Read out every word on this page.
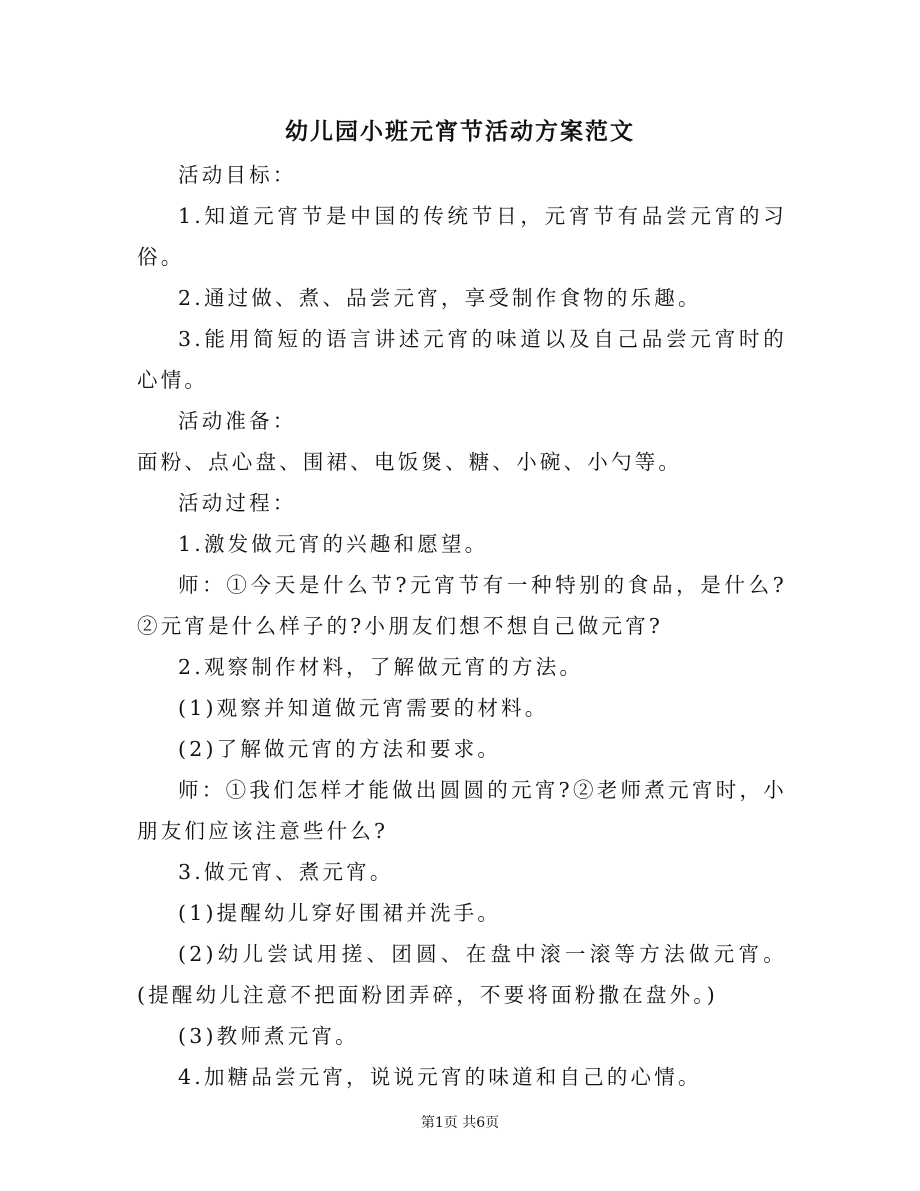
幼儿园小班元宵节活动方案范文

活动目标：

1.知道元宵节是中国的传统节日，元宵节有品尝元宵的习俗。

2.通过做、煮、品尝元宵，享受制作食物的乐趣。

3.能用简短的语言讲述元宵的味道以及自己品尝元宵时的心情。

活动准备：

面粉、点心盘、围裙、电饭煲、糖、小碗、小勺等。

活动过程：

1.激发做元宵的兴趣和愿望。

师：①今天是什么节?元宵节有一种特别的食品，是什么?②元宵是什么样子的?小朋友们想不想自己做元宵?

2.观察制作材料，了解做元宵的方法。

(1)观察并知道做元宵需要的材料。

(2)了解做元宵的方法和要求。

师：①我们怎样才能做出圆圆的元宵?②老师煮元宵时，小朋友们应该注意些什么?

3.做元宵、煮元宵。

(1)提醒幼儿穿好围裙并洗手。

(2)幼儿尝试用搓、团圆、在盘中滚一滚等方法做元宵。(提醒幼儿注意不把面粉团弄碎，不要将面粉撒在盘外。)

(3)教师煮元宵。

4.加糖品尝元宵，说说元宵的味道和自己的心情。

第1页 共6页
